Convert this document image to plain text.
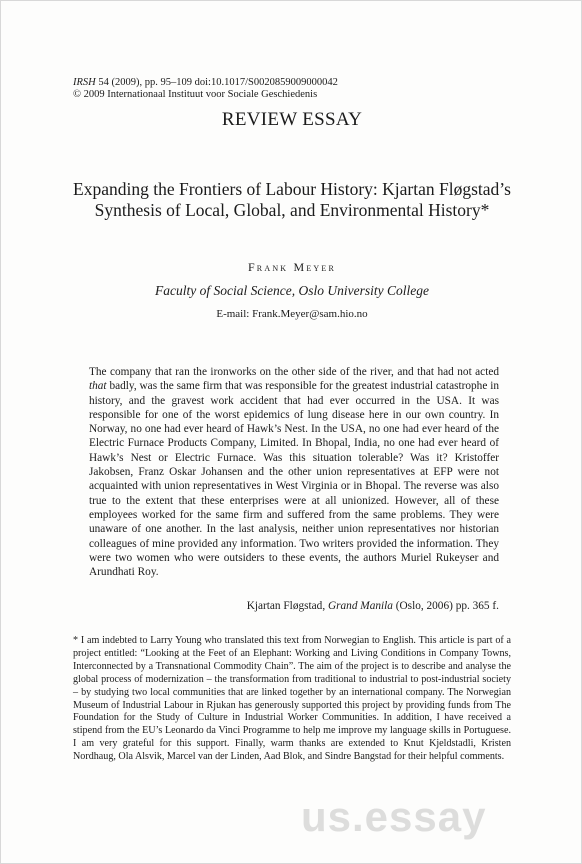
IRSH 54 (2009), pp. 95–109 doi:10.1017/S0020859009000042
© 2009 Internationaal Instituut voor Sociale Geschiedenis
REVIEW ESSAY
Expanding the Frontiers of Labour History: Kjartan Fløgstad’s Synthesis of Local, Global, and Environmental History*
Frank Meyer
Faculty of Social Science, Oslo University College
E-mail: Frank.Meyer@sam.hio.no
The company that ran the ironworks on the other side of the river, and that had not acted that badly, was the same firm that was responsible for the greatest industrial catastrophe in history, and the gravest work accident that had ever occurred in the USA. It was responsible for one of the worst epidemics of lung disease here in our own country. In Norway, no one had ever heard of Hawk’s Nest. In the USA, no one had ever heard of the Electric Furnace Products Company, Limited. In Bhopal, India, no one had ever heard of Hawk’s Nest or Electric Furnace. Was this situation tolerable? Was it? Kristoffer Jakobsen, Franz Oskar Johansen and the other union representatives at EFP were not acquainted with union representatives in West Virginia or in Bhopal. The reverse was also true to the extent that these enterprises were at all unionized. However, all of these employees worked for the same firm and suffered from the same problems. They were unaware of one another. In the last analysis, neither union representatives nor historian colleagues of mine provided any information. Two writers provided the information. They were two women who were outsiders to these events, the authors Muriel Rukeyser and Arundhati Roy.
Kjartan Fløgstad, Grand Manila (Oslo, 2006) pp. 365 f.
* I am indebted to Larry Young who translated this text from Norwegian to English. This article is part of a project entitled: “Looking at the Feet of an Elephant: Working and Living Conditions in Company Towns, Interconnected by a Transnational Commodity Chain”. The aim of the project is to describe and analyse the global process of modernization – the transformation from traditional to industrial to post-industrial society – by studying two local communities that are linked together by an international company. The Norwegian Museum of Industrial Labour in Rjukan has generously supported this project by providing funds from The Foundation for the Study of Culture in Industrial Worker Communities. In addition, I have received a stipend from the EU’s Leonardo da Vinci Programme to help me improve my language skills in Portuguese. I am very grateful for this support. Finally, warm thanks are extended to Knut Kjeldstadli, Kristen Nordhaug, Ola Alsvik, Marcel van der Linden, Aad Blok, and Sindre Bangstad for their helpful comments.
us.essay
